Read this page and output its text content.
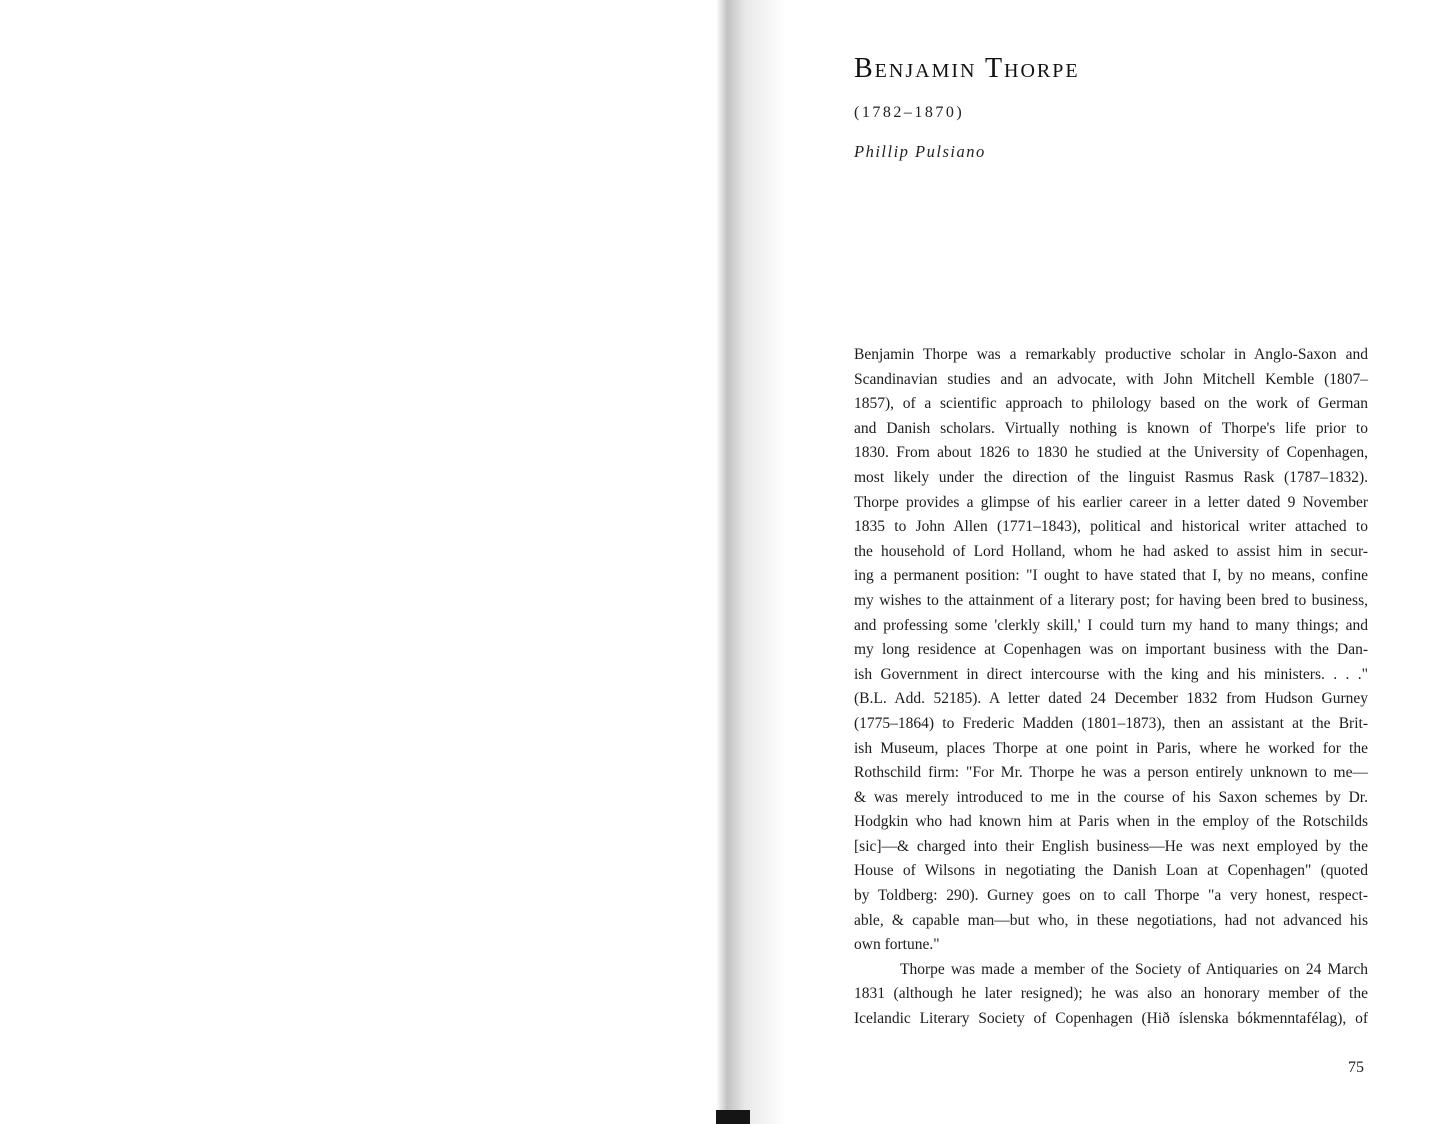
Benjamin Thorpe
(1782–1870)
Phillip Pulsiano

Benjamin Thorpe was a remarkably productive scholar in Anglo-Saxon and

Scandinavian studies and an advocate, with John Mitchell Kemble (1807–

1857), of a scientific approach to philology based on the work of German

and Danish scholars. Virtually nothing is known of Thorpe's life prior to

1830. From about 1826 to 1830 he studied at the University of Copenhagen,

most likely under the direction of the linguist Rasmus Rask (1787–1832).

Thorpe provides a glimpse of his earlier career in a letter dated 9 November

1835 to John Allen (1771–1843), political and historical writer attached to

the household of Lord Holland, whom he had asked to assist him in secur-

ing a permanent position: "I ought to have stated that I, by no means, confine

my wishes to the attainment of a literary post; for having been bred to business,

and professing some 'clerkly skill,' I could turn my hand to many things; and

my long residence at Copenhagen was on important business with the Dan-

ish Government in direct intercourse with the king and his ministers. . . ."

(B.L. Add. 52185). A letter dated 24 December 1832 from Hudson Gurney

(1775–1864) to Frederic Madden (1801–1873), then an assistant at the Brit-

ish Museum, places Thorpe at one point in Paris, where he worked for the

Rothschild firm: "For Mr. Thorpe he was a person entirely unknown to me—

& was merely introduced to me in the course of his Saxon schemes by Dr.

Hodgkin who had known him at Paris when in the employ of the Rotschilds

[sic]—& charged into their English business—He was next employed by the

House of Wilsons in negotiating the Danish Loan at Copenhagen" (quoted

by Toldberg: 290). Gurney goes on to call Thorpe "a very honest, respect-

able, & capable man—but who, in these negotiations, had not advanced his

own fortune."

Thorpe was made a member of the Society of Antiquaries on 24 March

1831 (although he later resigned); he was also an honorary member of the

Icelandic Literary Society of Copenhagen (Hið íslenska bókmenntafélag), of

75
